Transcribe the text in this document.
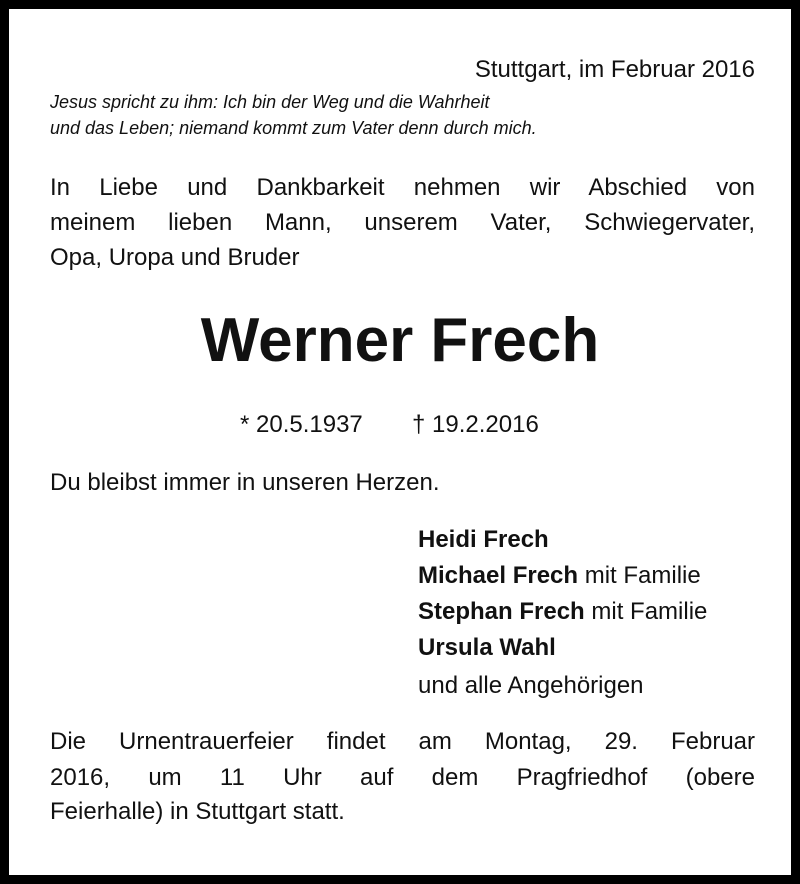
Stuttgart, im Februar 2016
Jesus spricht zu ihm: Ich bin der Weg und die Wahrheit
und das Leben; niemand kommt zum Vater denn durch mich.
In Liebe und Dankbarkeit nehmen wir Abschied von
meinem lieben Mann, unserem Vater, Schwiegervater,
Opa, Uropa und Bruder
Werner Frech
* 20.5.1937 † 19.2.2016
Du bleibst immer in unseren Herzen.
Heidi Frech
Michael Frech mit Familie
Stephan Frech mit Familie
Ursula Wahl
und alle Angehörigen
Die Urnentrauerfeier findet am Montag, 29. Februar
2016, um 11 Uhr auf dem Pragfriedhof (obere
Feierhalle) in Stuttgart statt.
